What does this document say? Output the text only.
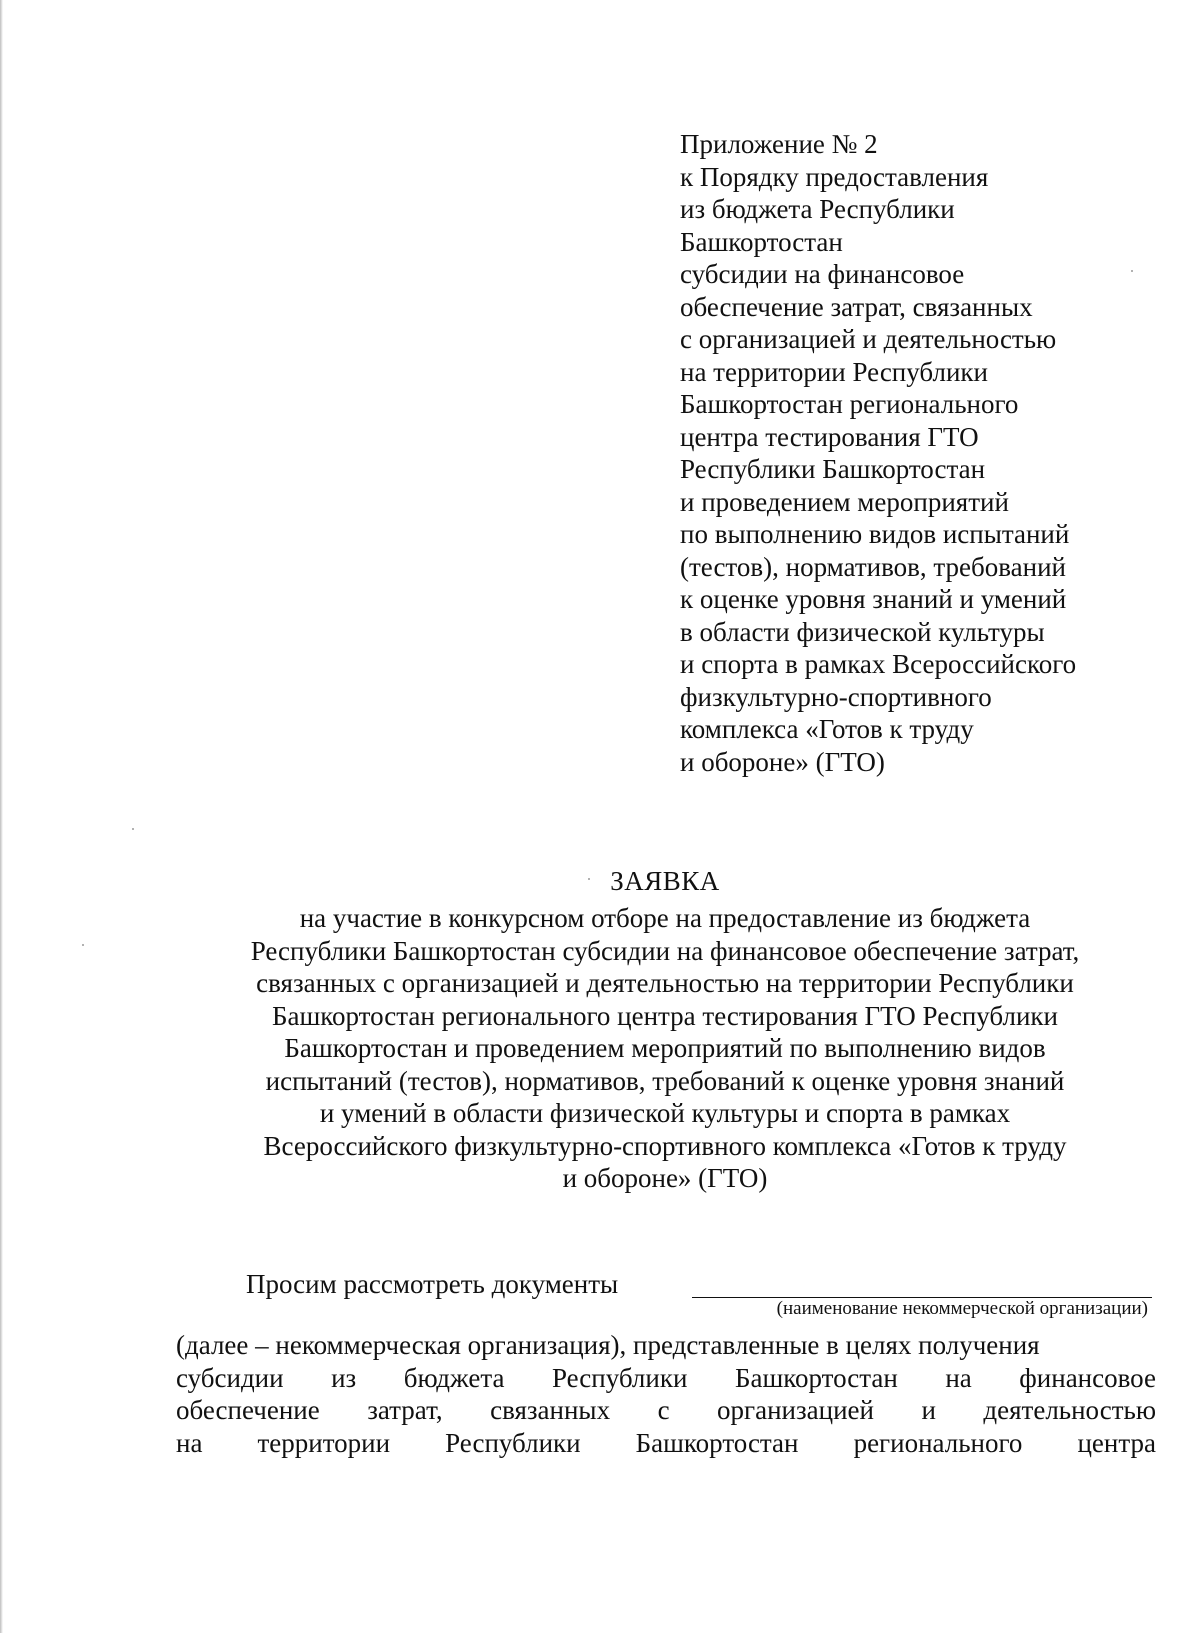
Приложение № 2
к Порядку предоставления
из бюджета Республики
Башкортостан
субсидии на финансовое
обеспечение затрат, связанных
с организацией и деятельностью
на территории Республики
Башкортостан регионального
центра тестирования ГТО
Республики Башкортостан
и проведением мероприятий
по выполнению видов испытаний
(тестов), нормативов, требований
к оценке уровня знаний и умений
в области физической культуры
и спорта в рамках Всероссийского
физкультурно-спортивного
комплекса «Готов к труду
и обороне» (ГТО)
ЗАЯВКА
на участие в конкурсном отборе на предоставление из бюджета
Республики Башкортостан субсидии на финансовое обеспечение затрат,
связанных с организацией и деятельностью на территории Республики
Башкортостан регионального центра тестирования ГТО Республики
Башкортостан и проведением мероприятий по выполнению видов
испытаний (тестов), нормативов, требований к оценке уровня знаний
и умений в области физической культуры и спорта в рамках
Всероссийского физкультурно-спортивного комплекса «Готов к труду
и обороне» (ГТО)
Просим рассмотреть документы
(наименование некоммерческой организации)
(далее – некоммерческая организация), представленные в целях получения
субсидии из бюджета Республики Башкортостан на финансовое
обеспечение затрат, связанных с организацией и деятельностью
на территории Республики Башкортостан регионального центра
